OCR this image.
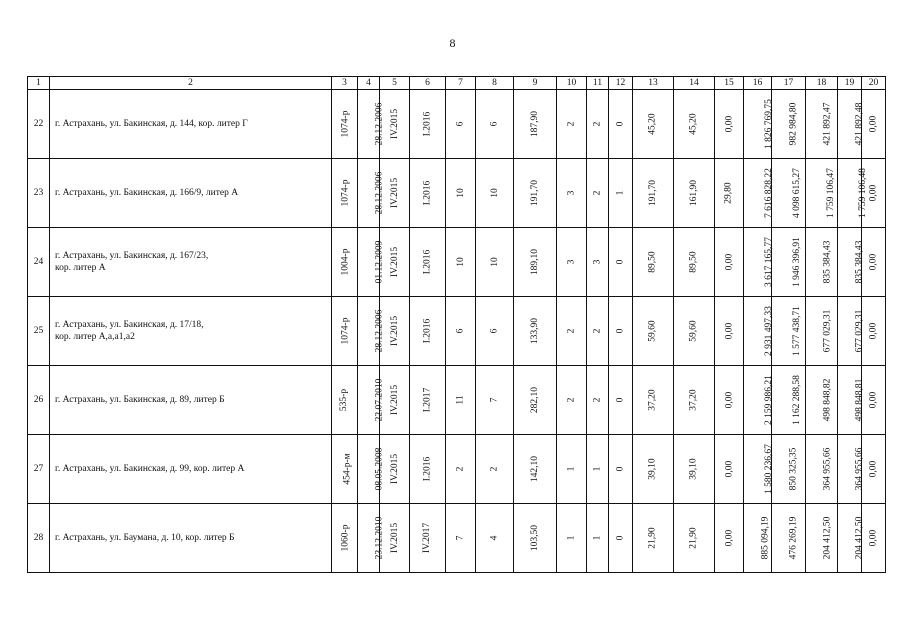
8
1	2	3	4	5	6	7	8	9	10	11	12	13	14	15	16	17	18	19	20
22	г. Астрахань, ул. Бакинская, д. 144, кор. литер Г	1074-р	28.12.2006	IV.2015	I.2016	6	6	187,90	2	2	0	45,20	45,20	0,00	1 826 769,75	982 984,80	421 892,47	421 892,48	0,00
23	г. Астрахань, ул. Бакинская, д. 166/9, литер А	1074-р	28.12.2006	IV.2015	I.2016	10	10	191,70	3	2	1	191,70	161,90	29,80	7 616 828,22	4 098 615,27	1 759 106,47	1 759 106,48	0,00
24	г. Астрахань, ул. Бакинская, д. 167/23,
кор. литер А	1004-р	01.12.2009	IV.2015	I.2016	10	10	189,10	3	3	0	89,50	89,50	0,00	3 617 165,77	1 946 396,91	835 384,43	835 384,43	0,00
25	г. Астрахань, ул. Бакинская, д. 17/18,
кор. литер А,а,а1,а2	1074-р	28.12.2006	IV.2015	I.2016	6	6	133,90	2	2	0	59,60	59,60	0,00	2 931 497,33	1 577 438,71	677 029,31	677 029,31	0,00
26	г. Астрахань, ул. Бакинская, д. 89, литер Б	535-р	22.07.2010	IV.2015	I.2017	11	7	282,10	2	2	0	37,20	37,20	0,00	2 159 986,21	1 162 288,58	498 848,82	498 848,81	0,00
27	г. Астрахань, ул. Бакинская, д. 99, кор. литер А	454-р-м	08.05.2008	IV.2015	I.2016	2	2	142,10	1	1	0	39,10	39,10	0,00	1 580 236,67	850 325,35	364 955,66	364 955,66	0,00
28	г. Астрахань, ул. Баумана, д. 10, кор. литер Б	1060-р	23.12.2010	IV.2015	IV.2017	7	4	103,50	1	1	0	21,90	21,90	0,00	885 094,19	476 269,19	204 412,50	204 412,50	0,00
